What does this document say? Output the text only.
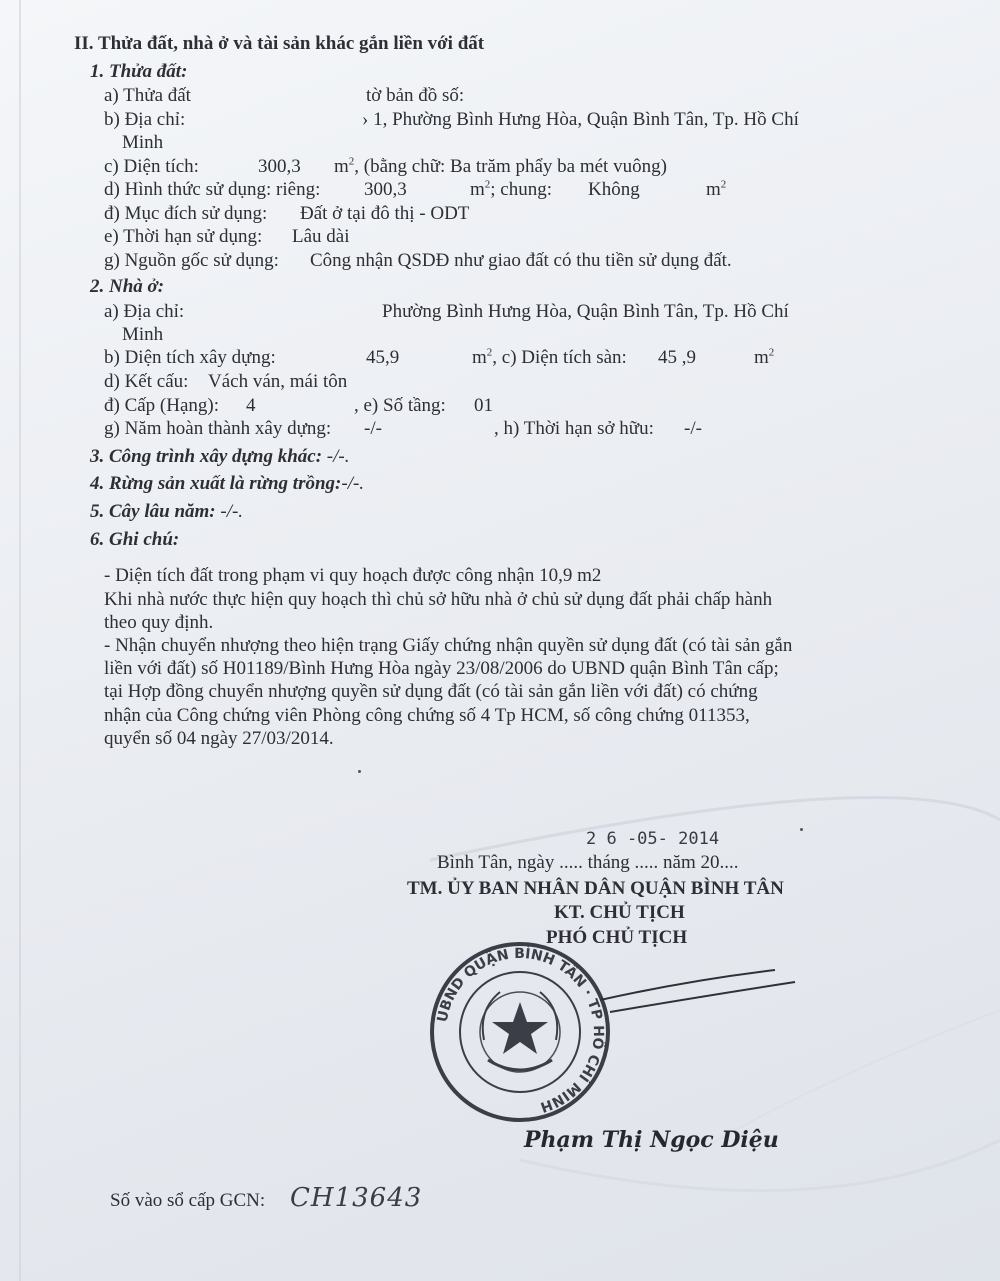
II. Thửa đất, nhà ở và tài sản khác gắn liền với đất
1. Thửa đất:
a) Thửa đất	tờ bản đồ số:
b) Địa chỉ:	› 1, Phường Bình Hưng Hòa, Quận Bình Tân, Tp. Hồ Chí
Minh
c) Diện tích:	300,3 $m^2$, (bằng chữ: Ba trăm phẩy ba mét vuông)
d) Hình thức sử dụng: riêng: 300,3	$m^2$; chung: Không	$m^2$
đ) Mục đích sử dụng: Đất ở tại đô thị - ODT
e) Thời hạn sử dụng: Lâu dài
g) Nguồn gốc sử dụng: Công nhận QSDĐ như giao đất có thu tiền sử dụng đất.
2. Nhà ở:
a) Địa chỉ:	Phường Bình Hưng Hòa, Quận Bình Tân, Tp. Hồ Chí
Minh
b) Diện tích xây dựng:	45,9	$m^2$, c) Diện tích sàn: 45 ,9	$m^2$
d) Kết cấu: Vách ván, mái tôn
đ) Cấp (Hạng): 4	, e) Số tầng: 01
g) Năm hoàn thành xây dựng: -/-	, h) Thời hạn sở hữu: -/-
3. Công trình xây dựng khác: -/-.
4. Rừng sản xuất là rừng trồng:-/-.
5. Cây lâu năm: -/-.
6. Ghi chú:
- Diện tích đất trong phạm vi quy hoạch được công nhận 10,9 m2
Khi nhà nước thực hiện quy hoạch thì chủ sở hữu nhà ở chủ sử dụng đất phải chấp hành
theo quy định.
- Nhận chuyển nhượng theo hiện trạng Giấy chứng nhận quyền sử dụng đất (có tài sản gắn
liền với đất) số H01189/Bình Hưng Hòa ngày 23/08/2006 do UBND quận Bình Tân cấp;
tại Hợp đồng chuyển nhượng quyền sử dụng đất (có tài sản gắn liền với đất) có chứng
nhận của Công chứng viên Phòng công chứng số 4 Tp HCM, số công chứng 011353,
quyển số 04 ngày 27/03/2014.
2 6 -05- 2014
Bình Tân, ngày ..... tháng ..... năm 20....
TM. ỦY BAN NHÂN DÂN QUẬN BÌNH TÂN
KT. CHỦ TỊCH
PHÓ CHỦ TỊCH
UBND QUẬN BÌNH TÂN · TP HỒ CHÍ MINH
Phạm Thị Ngọc Diệu
Số vào sổ cấp GCN: CH13643
